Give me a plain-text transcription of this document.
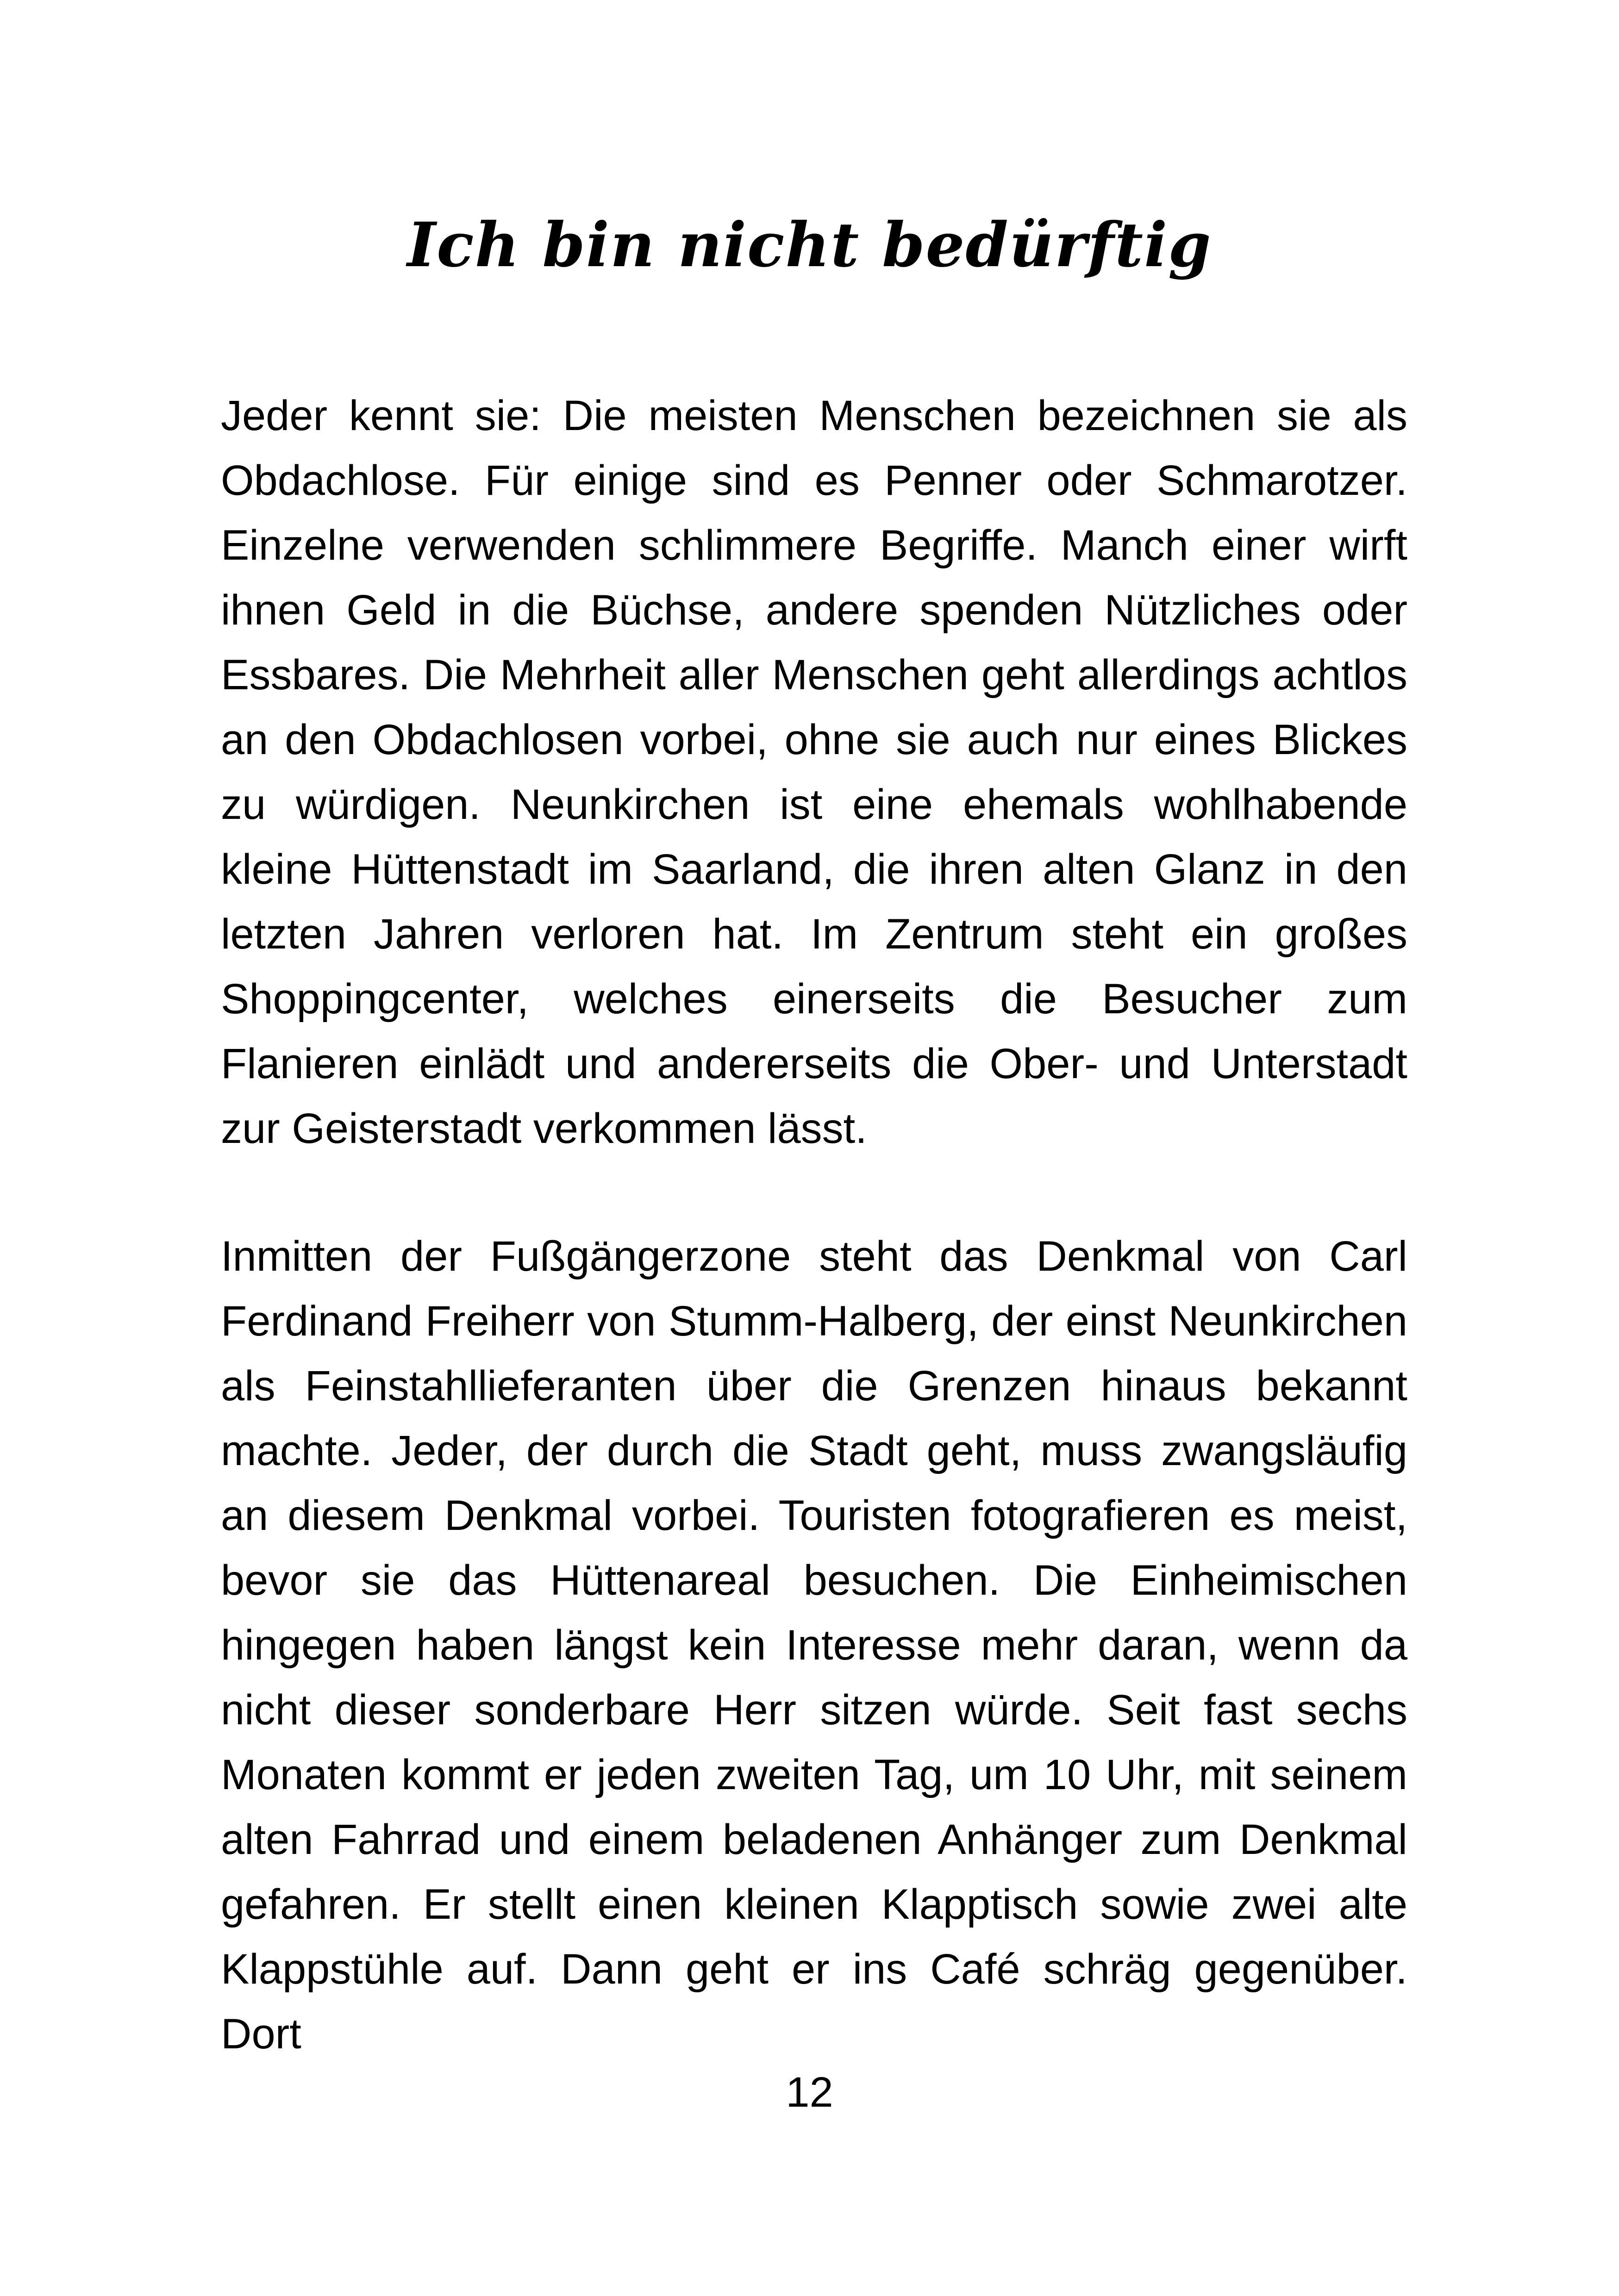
Ich bin nicht bedürftig

Jeder kennt sie: Die meisten Menschen bezeichnen sie als Obdachlose. Für einige sind es Penner oder Schmarotzer. Einzelne verwenden schlimmere Begriffe. Manch einer wirft ihnen Geld in die Büchse, andere spenden Nützliches oder Essbares. Die Mehrheit aller Menschen geht allerdings achtlos an den Obdachlosen vorbei, ohne sie auch nur eines Blickes zu würdigen. Neunkirchen ist eine ehemals wohlhabende kleine Hüttenstadt im Saarland, die ihren alten Glanz in den letzten Jahren verloren hat. Im Zentrum steht ein großes Shoppingcenter, welches einerseits die Besucher zum Flanieren einlädt und andererseits die Ober- und Unterstadt zur Geisterstadt verkommen lässt.

Inmitten der Fußgängerzone steht das Denkmal von Carl Ferdinand Freiherr von Stumm-Halberg, der einst Neunkirchen als Feinstahllieferanten über die Grenzen hinaus bekannt machte. Jeder, der durch die Stadt geht, muss zwangsläufig an diesem Denkmal vorbei. Touristen fotografieren es meist, bevor sie das Hüttenareal besuchen. Die Einheimischen hingegen haben längst kein Interesse mehr daran, wenn da nicht dieser sonderbare Herr sitzen würde. Seit fast sechs Monaten kommt er jeden zweiten Tag, um 10 Uhr, mit seinem alten Fahrrad und einem beladenen Anhänger zum Denkmal gefahren. Er stellt einen kleinen Klapptisch sowie zwei alte Klappstühle auf. Dann geht er ins Café schräg gegenüber. Dort

12
